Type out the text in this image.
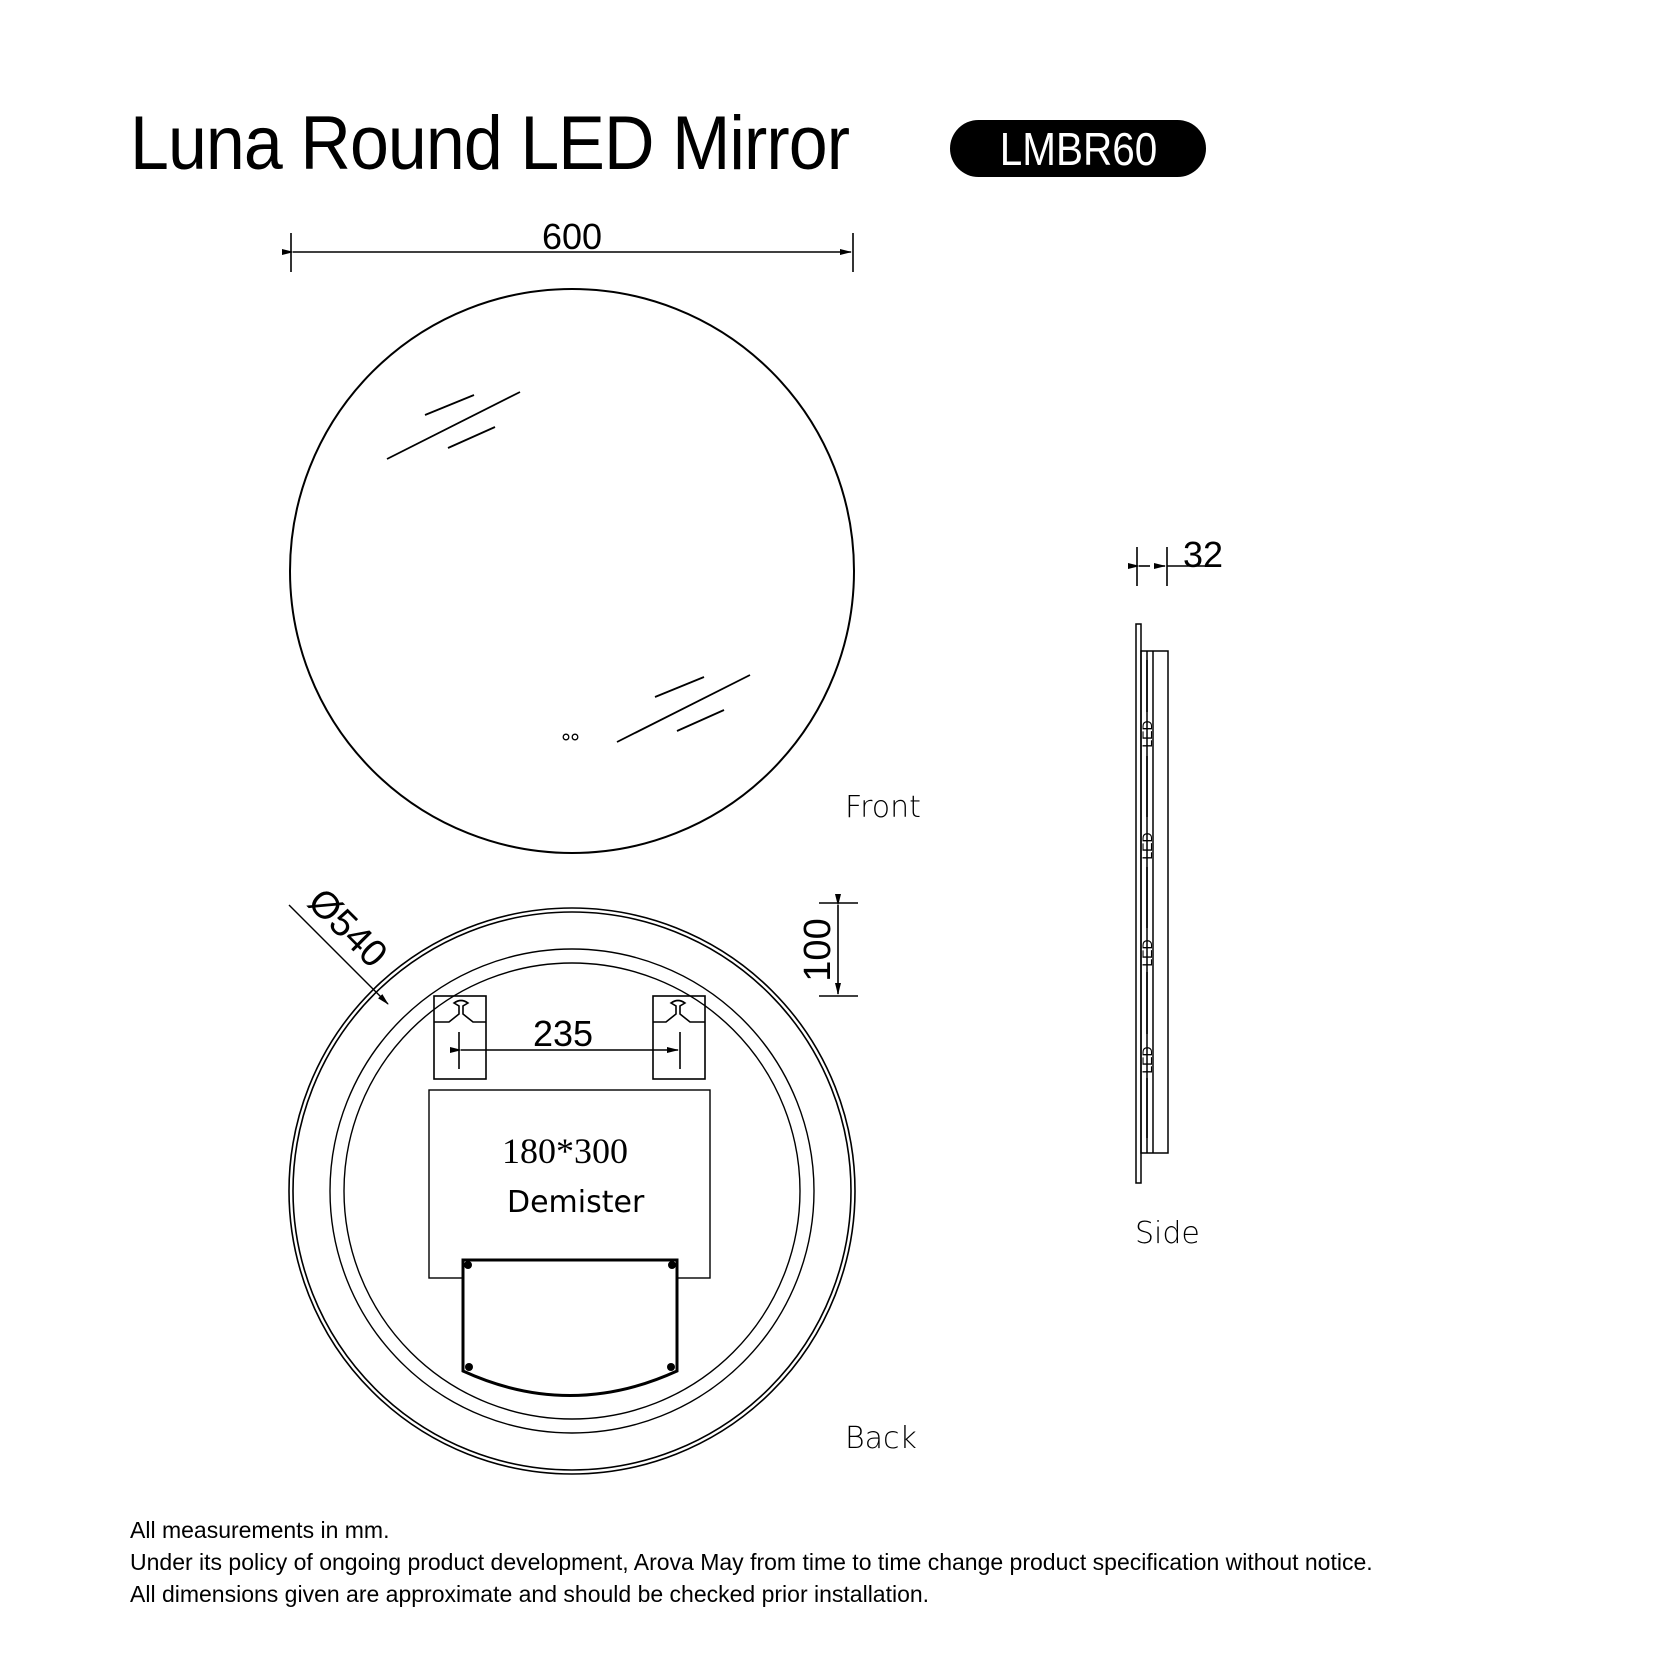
Luna Round LED Mirror	LMBR60
LED
LED
LED
LED
Ø540	100
600
235
32
180*300
Demister
Front
Back
Side
All measurements in mm.
Under its policy of ongoing product development, Arova May from time to time change product specification without notice.
All dimensions given are approximate and should be checked prior installation.
